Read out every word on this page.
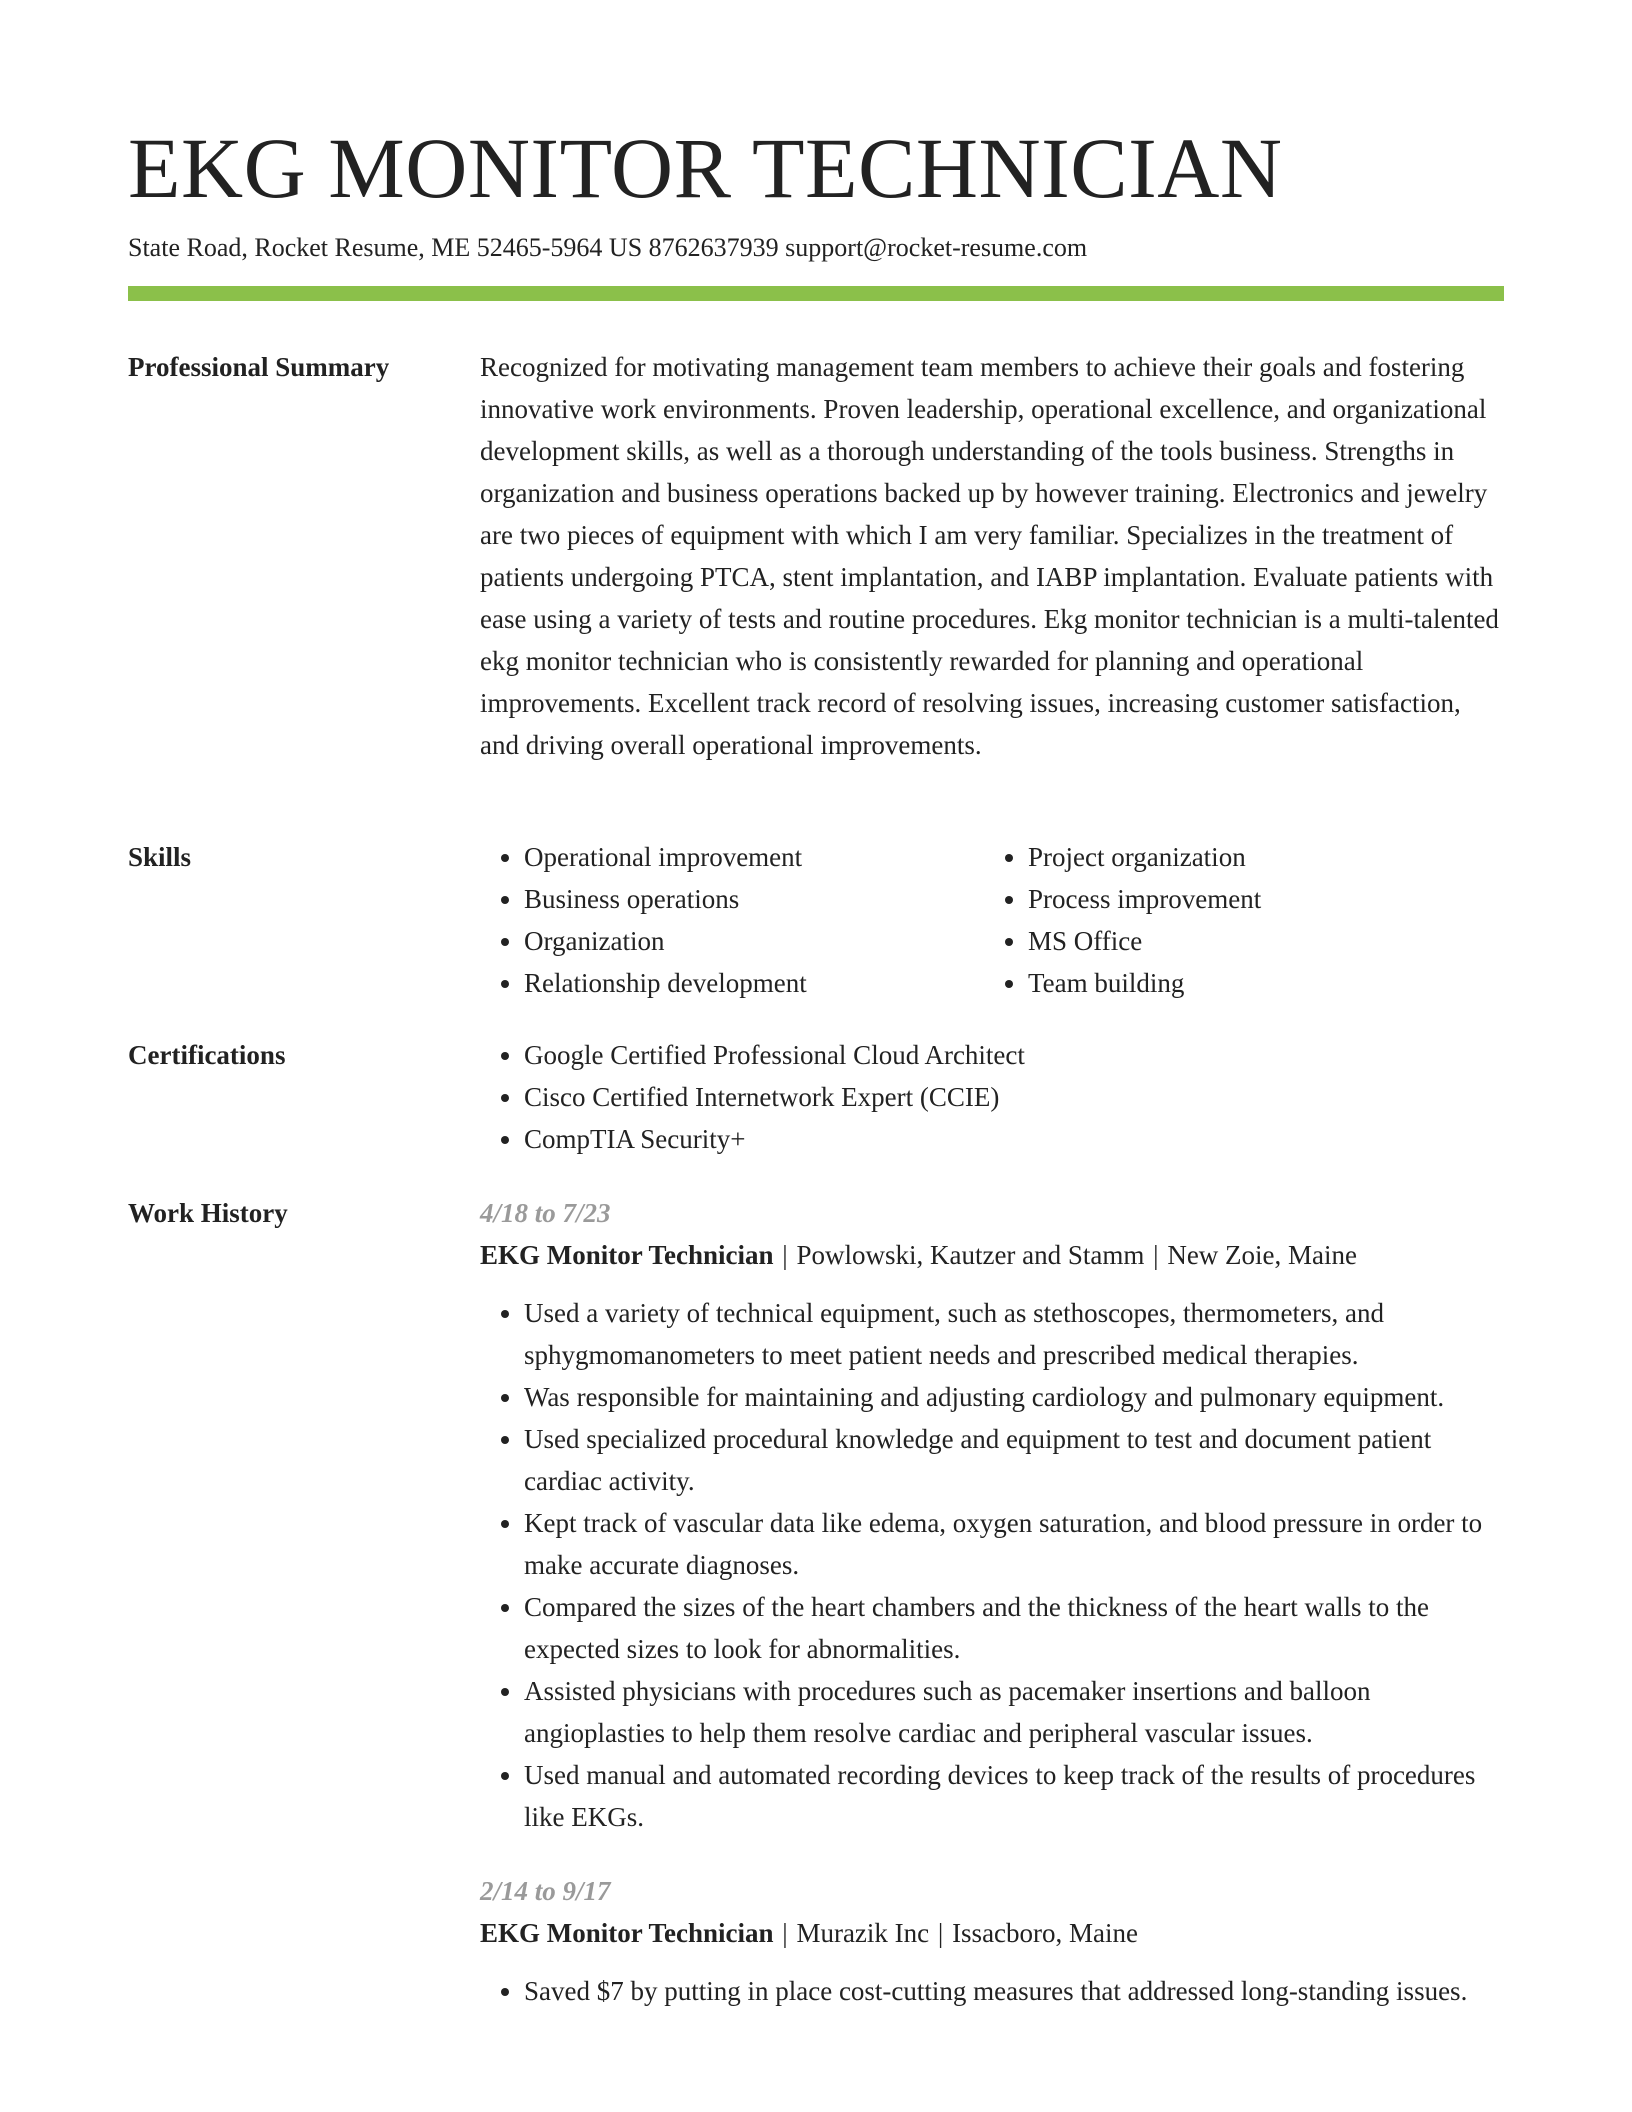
EKG MONITOR TECHNICIAN
State Road, Rocket Resume, ME 52465-5964 US 8762637939 support@rocket-resume.com
Professional Summary	Recognized for motivating management team members to achieve their goals and fostering innovative work environments. Proven leadership, operational excellence, and organizational development skills, as well as a thorough understanding of the tools business. Strengths in organization and business operations backed up by however training. Electronics and jewelry are two pieces of equipment with which I am very familiar. Specializes in the treatment of patients undergoing PTCA, stent implantation, and IABP implantation. Evaluate patients with ease using a variety of tests and routine procedures. Ekg monitor technician is a multi-talented ekg monitor technician who is consistently rewarded for planning and operational improvements. Excellent track record of resolving issues, increasing customer satisfaction, and driving overall operational improvements.

Skills	• Operational improvement
• Business operations
• Organization
• Relationship development
• Project organization
• Process improvement
• MS Office
• Team building
Certifications	• Google Certified Professional Cloud Architect
• Cisco Certified Internetwork Expert (CCIE)
• CompTIA Security+
Work History	4/18 to 7/23
EKG Monitor Technician | Powlowski, Kautzer and Stamm | New Zoie, Maine
• Used a variety of technical equipment, such as stethoscopes, thermometers, and sphygmomanometers to meet patient needs and prescribed medical therapies.
• Was responsible for maintaining and adjusting cardiology and pulmonary equipment.
• Used specialized procedural knowledge and equipment to test and document patient cardiac activity.
• Kept track of vascular data like edema, oxygen saturation, and blood pressure in order to make accurate diagnoses.
• Compared the sizes of the heart chambers and the thickness of the heart walls to the expected sizes to look for abnormalities.
• Assisted physicians with procedures such as pacemaker insertions and balloon angioplasties to help them resolve cardiac and peripheral vascular issues.
• Used manual and automated recording devices to keep track of the results of procedures like EKGs.
2/14 to 9/17
EKG Monitor Technician | Murazik Inc | Issacboro, Maine
• Saved $7 by putting in place cost-cutting measures that addressed long-standing issues.
